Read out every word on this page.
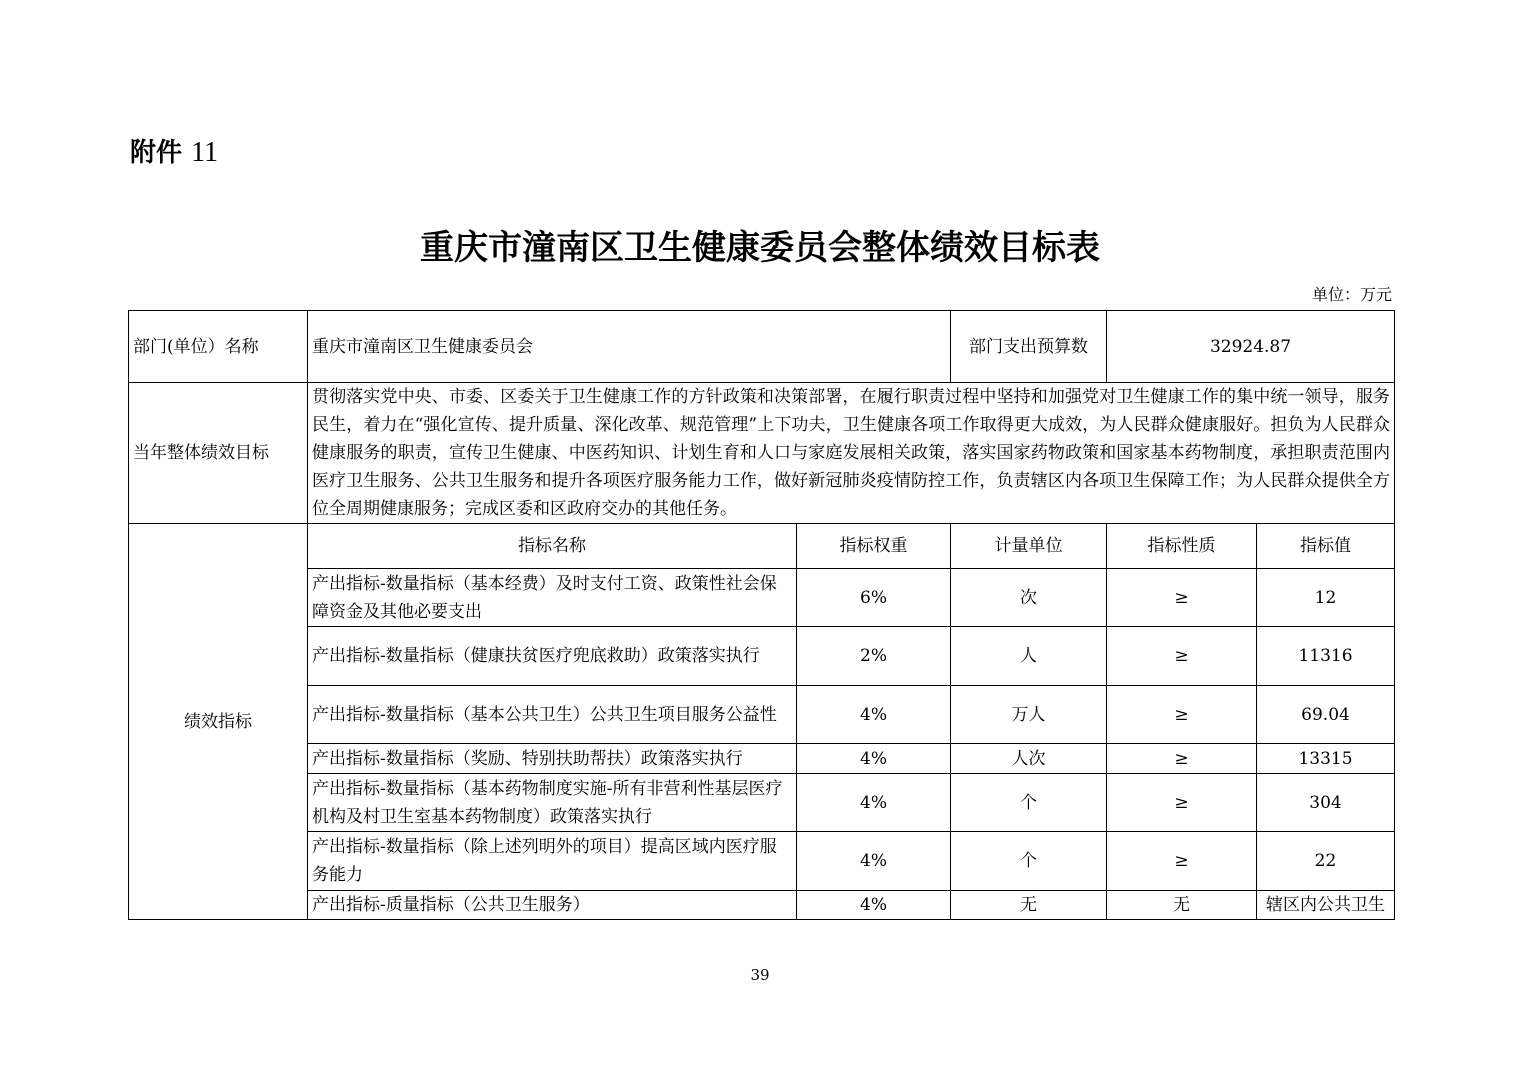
附件 11
重庆市潼南区卫生健康委员会整体绩效目标表
单位：万元
部门(单位）名称	重庆市潼南区卫生健康委员会		部门支出预算数	32924.87	
当年整体绩效目标	贯彻落实党中央、市委、区委关于卫生健康工作的方针政策和决策部署，在履行职责过程中坚持和加强党对卫生健康工作的集中统一领导，服务民生，着力在“强化宣传、提升质量、深化改革、规范管理”上下功夫，卫生健康各项工作取得更大成效，为人民群众健康服好。担负为人民群众健康服务的职责，宣传卫生健康、中医药知识、计划生育和人口与家庭发展相关政策，落实国家药物政策和国家基本药物制度，承担职责范围内医疗卫生服务、公共卫生服务和提升各项医疗服务能力工作，做好新冠肺炎疫情防控工作，负责辖区内各项卫生保障工作；为人民群众提供全方位全周期健康服务；完成区委和区政府交办的其他任务。				
绩效指标	指标名称	指标权重	计量单位	指标性质	指标值
	产出指标-数量指标（基本经费）及时支付工资、政策性社会保障资金及其他必要支出	6%	次	≥	12
	产出指标-数量指标（健康扶贫医疗兜底救助）政策落实执行	2%	人	≥	11316
	产出指标-数量指标（基本公共卫生）公共卫生项目服务公益性	4%	万人	≥	69.04
	产出指标-数量指标（奖励、特别扶助帮扶）政策落实执行	4%	人次	≥	13315
	产出指标-数量指标（基本药物制度实施-所有非营利性基层医疗机构及村卫生室基本药物制度）政策落实执行	4%	个	≥	304
	产出指标-数量指标（除上述列明外的项目）提高区域内医疗服务能力	4%	个	≥	22
	产出指标-质量指标（公共卫生服务）	4%	无	无	辖区内公共卫生
39
